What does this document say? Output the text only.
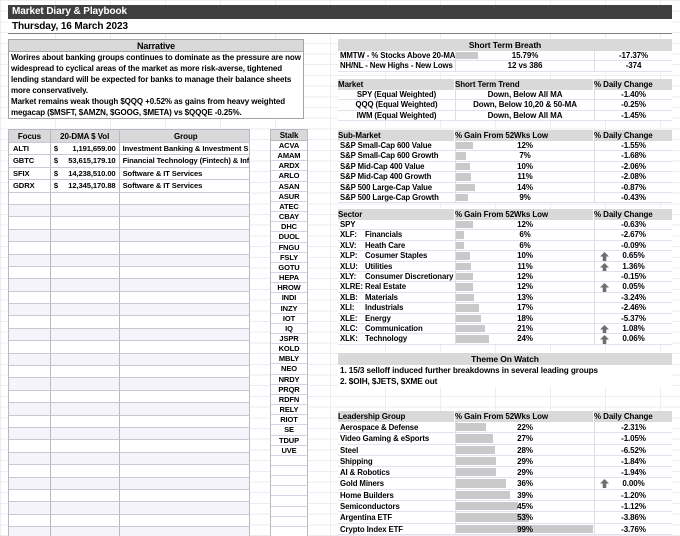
Market Diary & Playbook
Thursday, 16 March 2023
Narrative

Worires about banking groups continues to dominate as the pressure are now widespread to cyclical areas of the market as more risk-averse, tightened lending standard will be expected for banks to manage their balance sheets more conservatively.

Market remains weak though $QQQ +0.52% as gains from heavy weighted megacap ($MSFT, $AMZN, $GOOG, $META) vs $QQQE -0.25%.

Focus	20-DMA $ Vol	Group
ALTI	$ 1,191,659.00 Investment Banking & Investment S
GBTC	$ 53,615,179.10 Financial Technology (Fintech) & Inf
SFIX	$ 14,238,510.00 Software & IT Services
GDRX	$ 12,345,170.88 Software & IT Services
Stalk
ACVA
AMAM
ARDX
ARLO
ASAN
ASUR
ATEC
CBAY
DHC
DUOL
FNGU
FSLY
GOTU
HEPA
HROW
INDI
INZY
IOT
IQ
JSPR
KOLD
MBLY
NEO
NRDY
PRQR
RDFN
RELY
RIOT
SE
TDUP
UVE
Short Term Breath
MMTW - % Stocks Above 20-MA	15.79%	-17.37%
NH/NL - New Highs - New Lows	12 vs 386	-374
Market	Short Term Trend	% Daily Change
SPY (Equal Weighted)	Down, Below All MA	-1.40%
QQQ (Equal Weighted)	Down, Below 10,20 & 50-MA	-0.25%
IWM (Equal Weighted)	Down, Below All MA	-1.45%
Sub-Market	% Gain From 52Wks Low	% Daily Change
S&P Small-Cap 600 Value	12%	-1.55%
S&P Small-Cap 600 Growth	7%	-1.68%
S&P Mid-Cap 400 Value	10%	-2.06%
S&P Mid-Cap 400 Growth	11%	-2.08%
S&P 500 Large-Cap Value	14%	-0.87%
S&P 500 Large-Cap Growth	9%	-0.43%
Sector	% Gain From 52Wks Low	% Daily Change
SPY	12%	-0.63%
XLF: Financials	6%	-2.67%
XLV: Heath Care	6%	-0.09%
XLP: Cosumer Staples	10%	0.65%
XLU: Utilities	11%	1.36%
XLY: Consumer Discretionary	12%	-0.15%
XLRE: Real Estate	12%	0.05%
XLB: Materials	13%	-3.24%
XLI: Industrials	17%	-2.46%
XLE: Energy	18%	-5.37%
XLC: Communication	21%	1.08%
XLK: Technology	24%	0.06%
Theme On Watch
1. 15/3 selloff induced further breakdowns in several leading groups
2. $OIH, $JETS, $XME out
Leadership Group	% Gain From 52Wks Low	% Daily Change
Aerospace & Defense	22%	-2.31%
Video Gaming & eSports	27%	-1.05%
Steel	28%	-6.52%
Shipping	29%	-1.84%
AI & Robotics	29%	-1.94%
Gold Miners	36%	0.00%
Home Builders	39%	-1.20%
Semiconductors	45%	-1.12%
Argentina ETF	53%	-3.86%
Crypto Index ETF	99%	-3.76%
